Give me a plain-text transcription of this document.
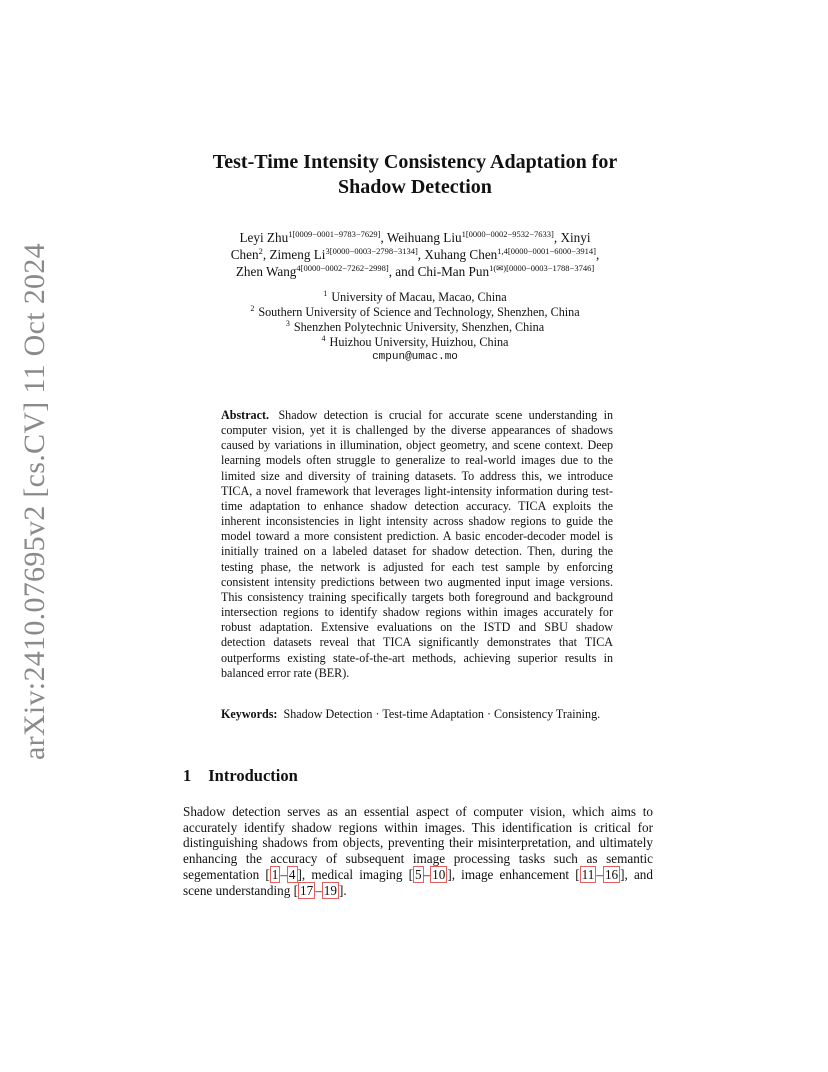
arXiv:2410.07695v2 [cs.CV] 11 Oct 2024
Test-Time Intensity Consistency Adaptation for
Shadow Detection
Leyi Zhu$^{1[0009-0001-9783-7629]}$, Weihuang Liu$^{1[0000-0002-9532-7633]}$, Xinyi
Chen$^2$, Zimeng $Li^{3[0000-0003-2798-3134]}$, Xuhang Chen$^{1,4[0000-0001-6000-3914]}$,
Zhen Wang$^{4[0000-0002-7262-2998]}$, and Chi-Man Pun$^{1(✉)[0000-0003-1788-3746]}$
$^1$ University of Macau, Macao, China
$^2$ Southern University of Science and Technology, Shenzhen, China
$^3$ Shenzhen Polytechnic University, Shenzhen, China
$^4$ Huizhou University, Huizhou, China
cmpun@umac.mo
Abstract. Shadow detection is crucial for accurate scene understanding in computer vision, yet it is challenged by the diverse appearances of shadows caused by variations in illumination, object geometry, and scene context. Deep learning models often struggle to generalize to real-world images due to the limited size and diversity of training datasets. To address this, we introduce TICA, a novel framework that leverages light-intensity information during test-time adaptation to enhance shadow detection accuracy. TICA exploits the inherent inconsistencies in light intensity across shadow regions to guide the model toward a more consistent prediction. A basic encoder-decoder model is initially trained on a labeled dataset for shadow detection. Then, during the testing phase, the network is adjusted for each test sample by enforcing consistent intensity predictions between two augmented input image versions. This consistency training specifically targets both foreground and background intersection regions to identify shadow regions within images accurately for robust adaptation. Extensive evaluations on the ISTD and SBU shadow detection datasets reveal that TICA significantly demonstrates that TICA outperforms existing state-of-the-art methods, achieving superior results in balanced error rate (BER).
Keywords: Shadow Detection · Test-time Adaptation · Consistency Training.
1 Introduction
Shadow detection serves as an essential aspect of computer vision, which aims to accurately identify shadow regions within images. This identification is critical for distinguishing shadows from objects, preventing their misinterpretation, and ultimately enhancing the accuracy of subsequent image processing tasks such as semantic segementation [ 1 – 4 ], medical imaging [ 5 – 10 ], image enhancement [ 11 – 16 ], and scene understanding [ 17 – 19 ].
